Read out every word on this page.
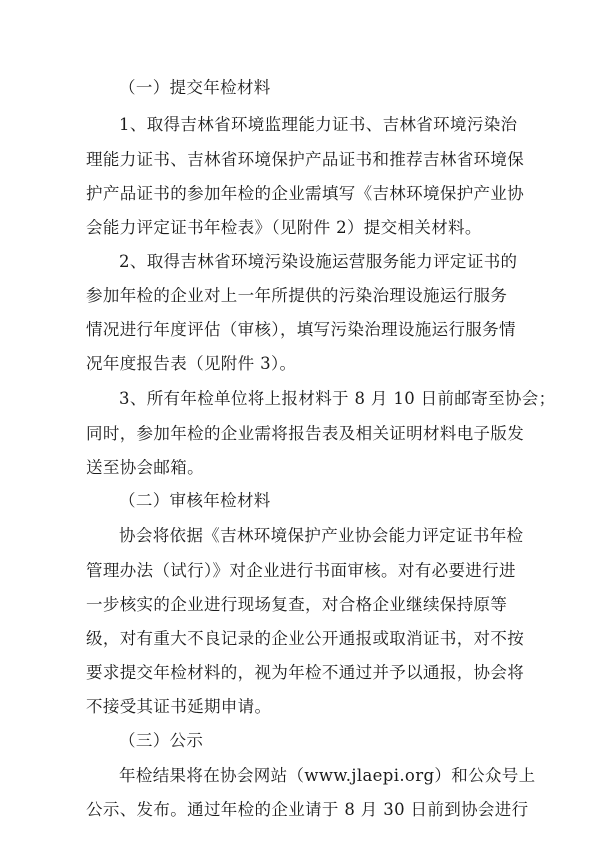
（一）提交年检材料
1、取得吉林省环境监理能力证书、吉林省环境污染治
理能力证书、吉林省环境保护产品证书和推荐吉林省环境保
护产品证书的参加年检的企业需填写《吉林环境保护产业协
会能力评定证书年检表》（见附件 2）提交相关材料。
2、取得吉林省环境污染设施运营服务能力评定证书的
参加年检的企业对上一年所提供的污染治理设施运行服务
情况进行年度评估（审核），填写污染治理设施运行服务情
况年度报告表（见附件 3）。
3、所有年检单位将上报材料于 8 月 10 日前邮寄至协会；
同时，参加年检的企业需将报告表及相关证明材料电子版发
送至协会邮箱。
（二）审核年检材料
协会将依据《吉林环境保护产业协会能力评定证书年检
管理办法（试行）》对企业进行书面审核。对有必要进行进
一步核实的企业进行现场复查，对合格企业继续保持原等
级，对有重大不良记录的企业公开通报或取消证书，对不按
要求提交年检材料的，视为年检不通过并予以通报，协会将
不接受其证书延期申请。
（三）公示
年检结果将在协会网站（www.jlaepi.org）和公众号上
公示、发布。通过年检的企业请于 8 月 30 日前到协会进行
